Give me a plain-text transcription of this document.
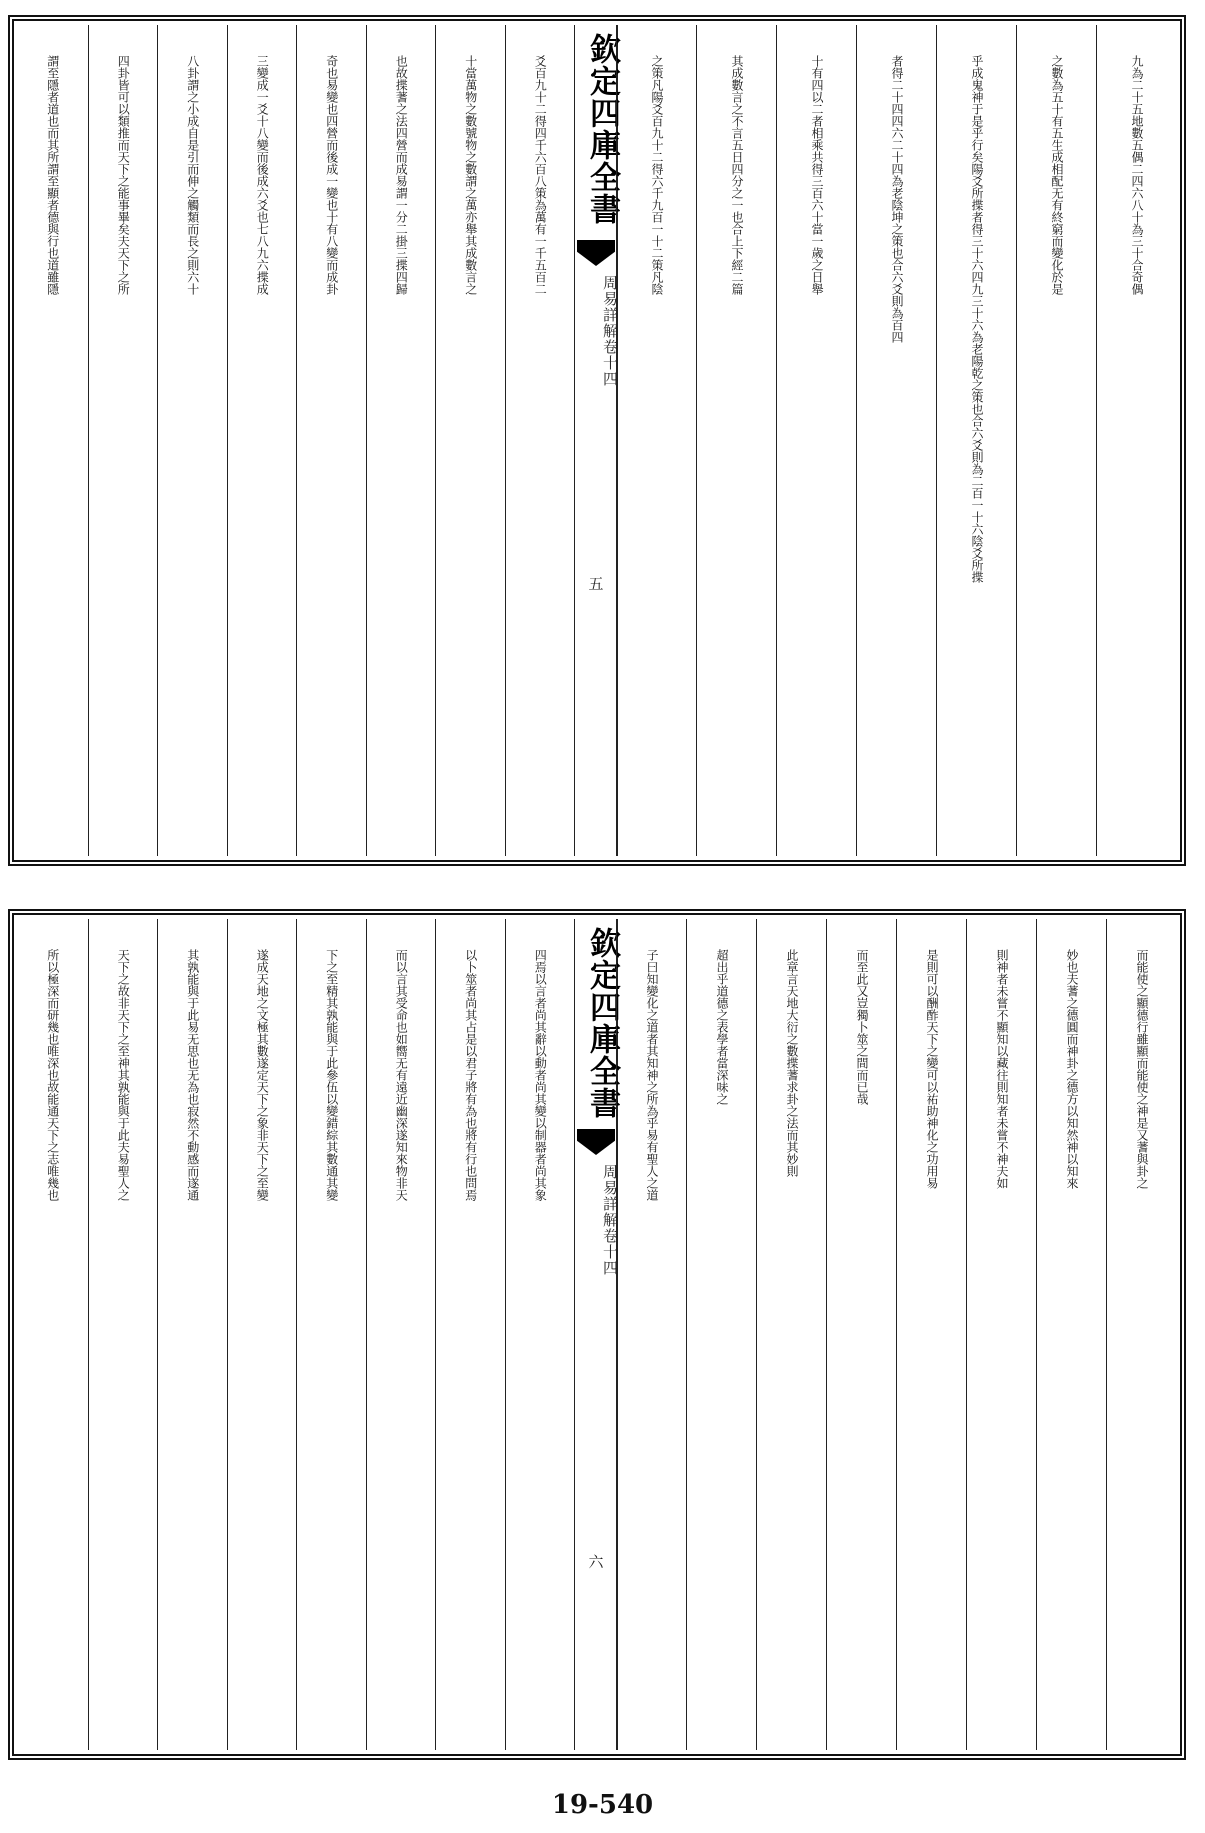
欽定四庫全書
周易詳解
卷十四
五
九為二十五地數五偶二四六八十為三十合奇偶
之數為五十有五生成相配无有終窮而變化於是
乎成鬼神于是乎行矣陽爻所揲者得三十六四九三十六為老陽乾之策也合六爻則為二百一十六陰爻所揲
者得二十四四六二十四為老陰坤之策也合六爻則為百四
十有四以二者相乘共得三百六十當一歲之日舉
其成數言之不言五日四分之一也合上下經二篇
之策凡陽爻百九十二得六千九百一十二策凡陰
爻百九十二得四千六百八策為萬有一千五百二
十當萬物之數號物之數謂之萬亦舉其成數言之
也故揲蓍之法四營而成易謂一分二掛三揲四歸
奇也易變也四營而後成一變也十有八變而成卦
三變成一爻十八變而後成六爻也七八九六揲成
八卦謂之小成自是引而伸之觸類而長之則六十
四卦皆可以類推而天下之能事畢矣夫天下之所
謂至隱者道也而其所謂至顯者德與行也道雖隱
欽定四庫全書
周易詳解
卷十四
六
而能使之顯德行雖顯而能使之神是又蓍與卦之
妙也夫蓍之德圓而神卦之德方以知然神以知來
則神者未嘗不顯知以藏往則知者未嘗不神夫如
是則可以酬酢天下之變可以祐助神化之功用易
而至此又豈獨卜筮之間而已哉
此章言天地大衍之數揲蓍求卦之法而其妙則
超出乎道德之表學者當深味之
子曰知變化之道者其知神之所為乎易有聖人之道
四焉以言者尚其辭以動者尚其變以制器者尚其象
以卜筮者尚其占是以君子將有為也將有行也問焉
而以言其受命也如嚮无有遠近幽深遂知來物非天
下之至精其孰能與于此參伍以變錯綜其數通其變
遂成天地之文極其數遂定天下之象非天下之至變
其孰能與于此易无思也无為也寂然不動感而遂通
天下之故非天下之至神其孰能與于此夫易聖人之
所以極深而研幾也唯深也故能通天下之志唯幾也
19-540
